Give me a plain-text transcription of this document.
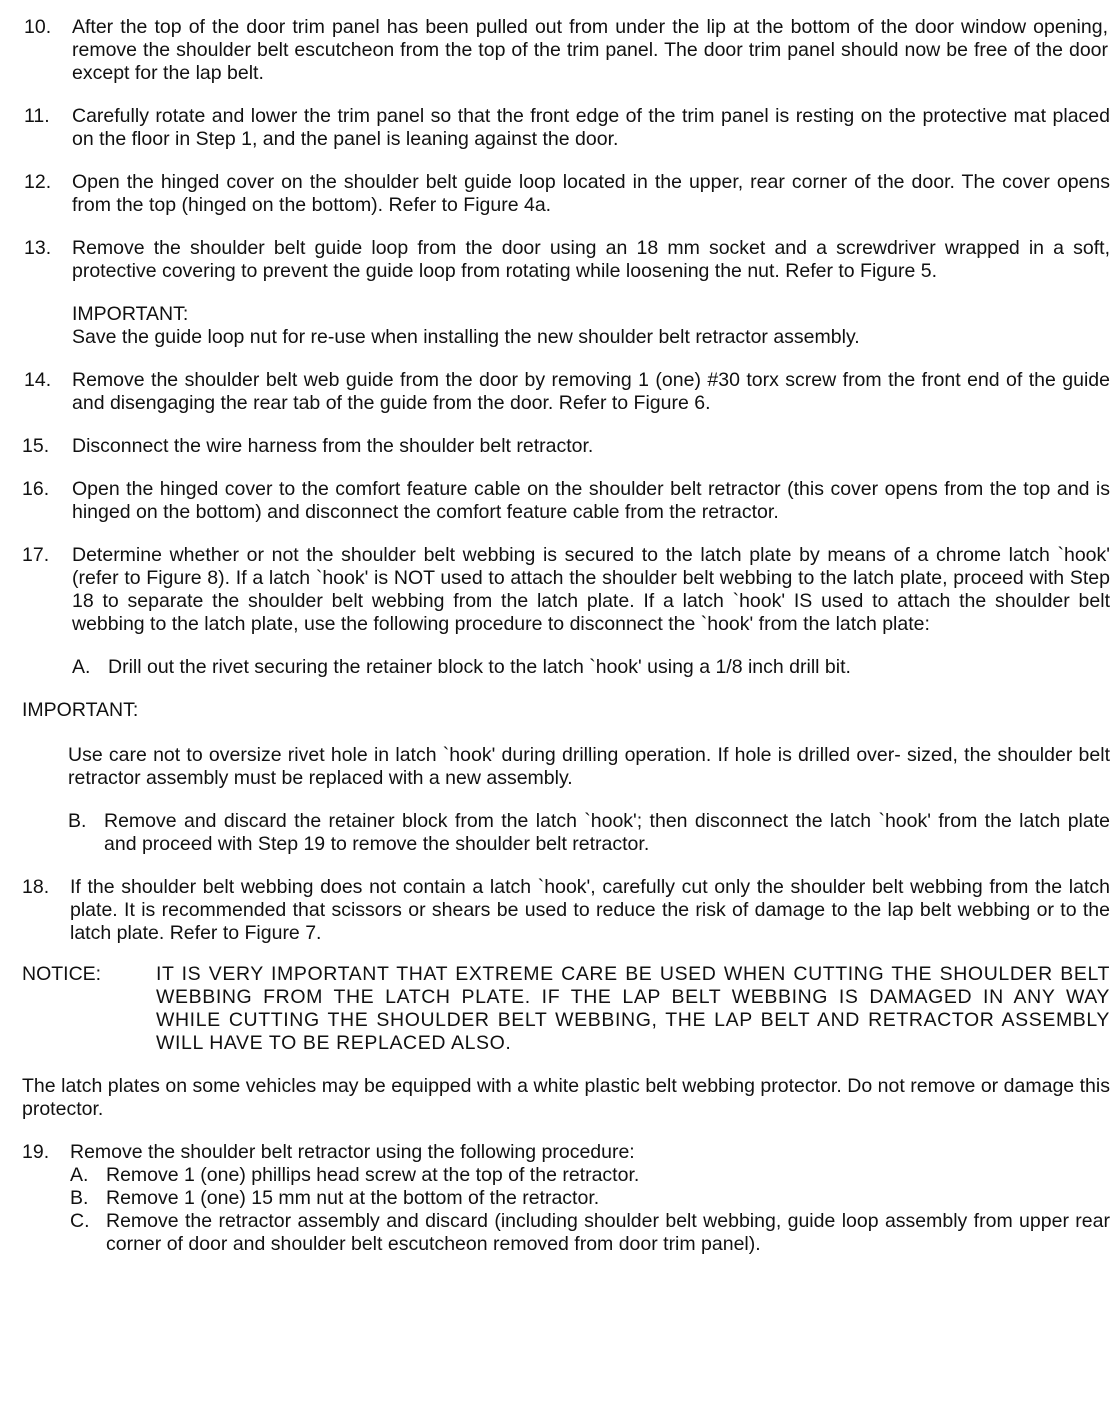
10.	After the top of the door trim panel has been pulled out from under the lip at the bottom of the door window opening, remove the shoulder belt escutcheon from the top of the trim panel. The door trim panel should now be free of the door except for the lap belt.

11.	Carefully rotate and lower the trim panel so that the front edge of the trim panel is resting on the protective mat placed on the floor in Step 1, and the panel is leaning against the door.

12.	Open the hinged cover on the shoulder belt guide loop located in the upper, rear corner of the door. The cover opens from the top (hinged on the bottom). Refer to Figure 4a.

13.	Remove the shoulder belt guide loop from the door using an 18 mm socket and a screwdriver wrapped in a soft, protective covering to prevent the guide loop from rotating while loosening the nut. Refer to Figure 5.

IMPORTANT:

Save the guide loop nut for re-use when installing the new shoulder belt retractor assembly.

14.	Remove the shoulder belt web guide from the door by removing 1 (one) #30 torx screw from the front end of the guide and disengaging the rear tab of the guide from the door. Refer to Figure 6.

15.	Disconnect the wire harness from the shoulder belt retractor.

16.	Open the hinged cover to the comfort feature cable on the shoulder belt retractor (this cover opens from the top and is hinged on the bottom) and disconnect the comfort feature cable from the retractor.

17.	Determine whether or not the shoulder belt webbing is secured to the latch plate by means of a chrome latch `hook' (refer to Figure 8). If a latch `hook' is NOT used to attach the shoulder belt webbing to the latch plate, proceed with Step 18 to separate the shoulder belt webbing from the latch plate. If a latch `hook' IS used to attach the shoulder belt webbing to the latch plate, use the following procedure to disconnect the `hook' from the latch plate:

A. Drill out the rivet securing the retainer block to the latch `hook' using a 1/8 inch drill bit.

IMPORTANT:

Use care not to oversize rivet hole in latch `hook' during drilling operation. If hole is drilled over- sized, the shoulder belt retractor assembly must be replaced with a new assembly.

B. Remove and discard the retainer block from the latch `hook'; then disconnect the latch `hook' from the latch plate and proceed with Step 19 to remove the shoulder belt retractor.
18.	If the shoulder belt webbing does not contain a latch `hook', carefully cut only the shoulder belt webbing from the latch plate. It is recommended that scissors or shears be used to reduce the risk of damage to the lap belt webbing or to the latch plate. Refer to Figure 7.

NOTICE:	IT IS VERY IMPORTANT THAT EXTREME CARE BE USED WHEN CUTTING THE SHOULDER BELT WEBBING FROM THE LATCH PLATE. IF THE LAP BELT WEBBING IS DAMAGED IN ANY WAY WHILE CUTTING THE SHOULDER BELT WEBBING, THE LAP BELT AND RETRACTOR ASSEMBLY WILL HAVE TO BE REPLACED ALSO.

The latch plates on some vehicles may be equipped with a white plastic belt webbing protector. Do not remove or damage this protector.

19.	Remove the shoulder belt retractor using the following procedure:

A. Remove 1 (one) phillips head screw at the top of the retractor.
B. Remove 1 (one) 15 mm nut at the bottom of the retractor.
C. Remove the retractor assembly and discard (including shoulder belt webbing, guide loop assembly from upper rear corner of door and shoulder belt escutcheon removed from door trim panel).
